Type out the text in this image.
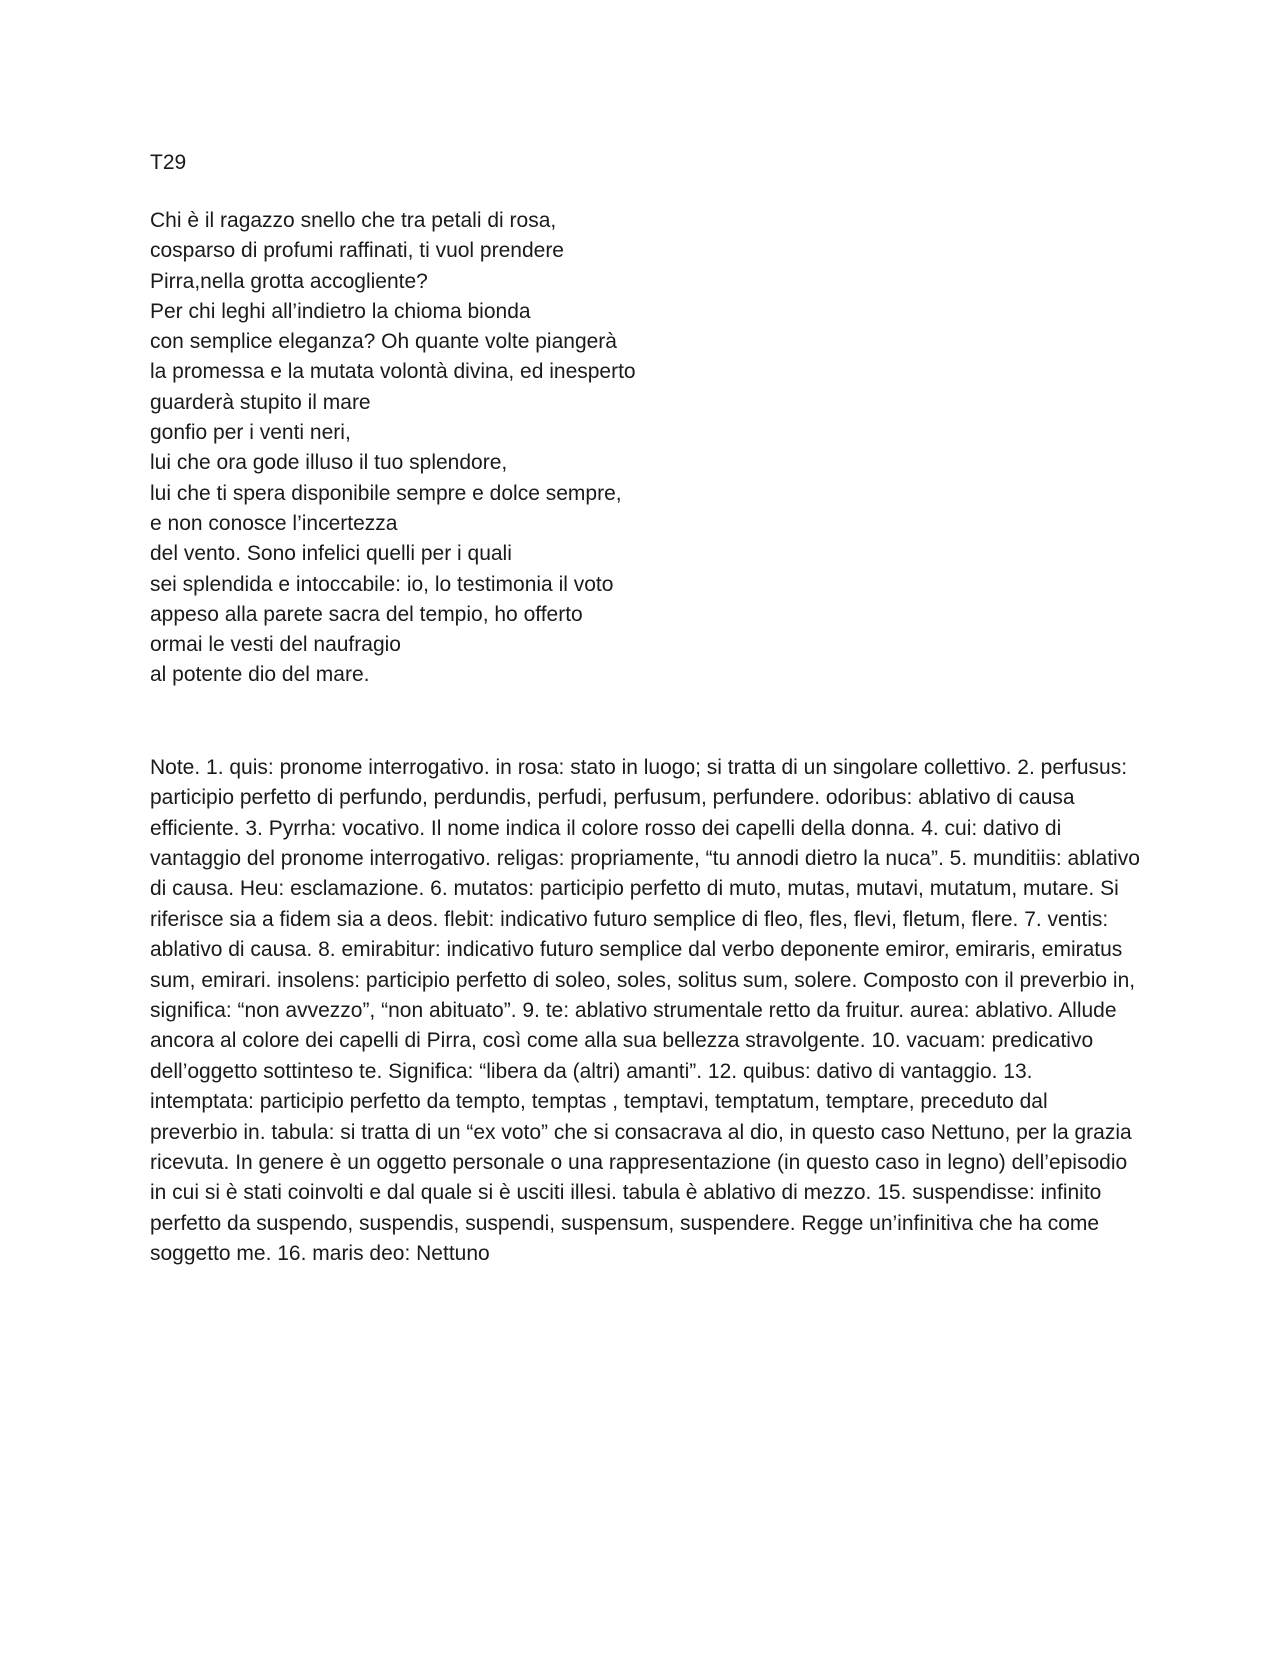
T29
Chi è il ragazzo snello che tra petali di rosa,
cosparso di profumi raffinati, ti vuol prendere
Pirra,nella grotta accogliente?
Per chi leghi all’indietro la chioma bionda
con semplice eleganza? Oh quante volte piangerà
la promessa e la mutata volontà divina, ed inesperto
guarderà stupito il mare
gonfio per i venti neri,
lui che ora gode illuso il tuo splendore,
lui che ti spera disponibile sempre e dolce sempre,
e non conosce l’incertezza
del vento. Sono infelici quelli per i quali
sei splendida e intoccabile: io, lo testimonia il voto
appeso alla parete sacra del tempio, ho offerto
ormai le vesti del naufragio
al potente dio del mare.
Note. 1. quis: pronome interrogativo. in rosa: stato in luogo; si tratta di un singolare collettivo. 2. perfusus: participio perfetto di perfundo, perdundis, perfudi, perfusum, perfundere. odoribus: ablativo di causa efficiente. 3. Pyrrha: vocativo. Il nome indica il colore rosso dei capelli della donna. 4. cui: dativo di vantaggio del pronome interrogativo. religas: propriamente, “tu annodi dietro la nuca”. 5. munditiis: ablativo di causa. Heu: esclamazione. 6. mutatos: participio perfetto di muto, mutas, mutavi, mutatum, mutare. Si riferisce sia a fidem sia a deos. flebit: indicativo futuro semplice di fleo, fles, flevi, fletum, flere. 7. ventis: ablativo di causa. 8. emirabitur: indicativo futuro semplice dal verbo deponente emiror, emiraris, emiratus sum, emirari. insolens: participio perfetto di soleo, soles, solitus sum, solere. Composto con il preverbio in, significa: “non avvezzo”, “non abituato”. 9. te: ablativo strumentale retto da fruitur. aurea: ablativo. Allude ancora al colore dei capelli di Pirra, così come alla sua bellezza stravolgente. 10. vacuam: predicativo dell’oggetto sottinteso te. Significa: “libera da (altri) amanti”. 12. quibus: dativo di vantaggio. 13. intemptata: participio perfetto da tempto, temptas , temptavi, temptatum, temptare, preceduto dal preverbio in. tabula: si tratta di un “ex voto” che si consacrava al dio, in questo caso Nettuno, per la grazia ricevuta. In genere è un oggetto personale o una rappresentazione (in questo caso in legno) dell’episodio in cui si è stati coinvolti e dal quale si è usciti illesi. tabula è ablativo di mezzo. 15. suspendisse: infinito perfetto da suspendo, suspendis, suspendi, suspensum, suspendere. Regge un’infinitiva che ha come soggetto me. 16. maris deo: Nettuno
